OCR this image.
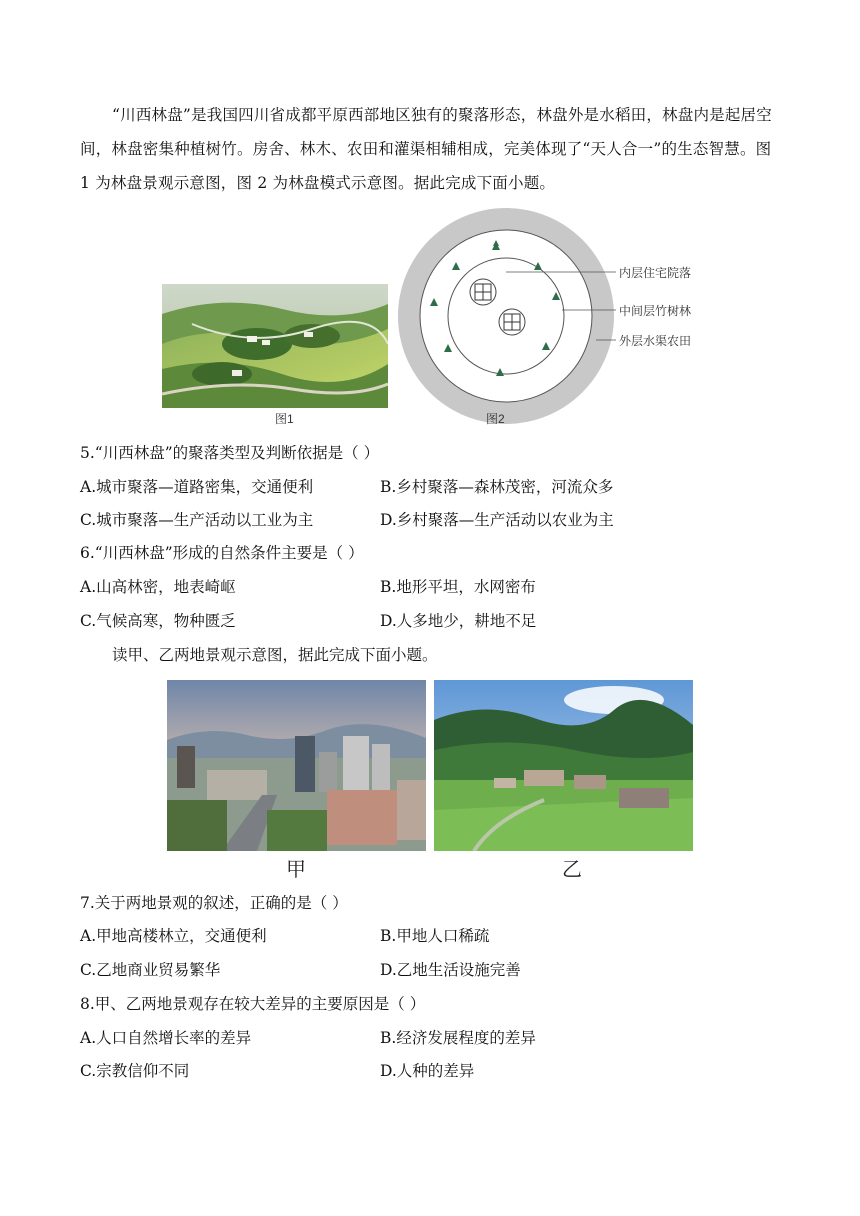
“川西林盘”是我国四川省成都平原西部地区独有的聚落形态，林盘外是水稻田，林盘内是起居空间，林盘密集种植树竹。房舍、林木、农田和灌渠相辅相成，完美体现了“天人合一”的生态智慧。图 1 为林盘景观示意图，图 2 为林盘模式示意图。据此完成下面小题。
图1
内层住宅院落
中间层竹树林
外层水渠农田
图2
5.“川西林盘”的聚落类型及判断依据是（ ）
A.城市聚落—道路密集，交通便利	B.乡村聚落—森林茂密，河流众多
C.城市聚落—生产活动以工业为主	D.乡村聚落—生产活动以农业为主
6.“川西林盘”形成的自然条件主要是（ ）
A.山高林密，地表崎岖	B.地形平坦，水网密布
C.气候高寒，物种匮乏	D.人多地少，耕地不足
读甲、乙两地景观示意图，据此完成下面小题。
甲	乙
7.关于两地景观的叙述，正确的是（ ）
A.甲地高楼林立，交通便利	B.甲地人口稀疏
C.乙地商业贸易繁华	D.乙地生活设施完善
8.甲、乙两地景观存在较大差异的主要原因是（ ）
A.人口自然增长率的差异	B.经济发展程度的差异
C.宗教信仰不同	D.人种的差异
